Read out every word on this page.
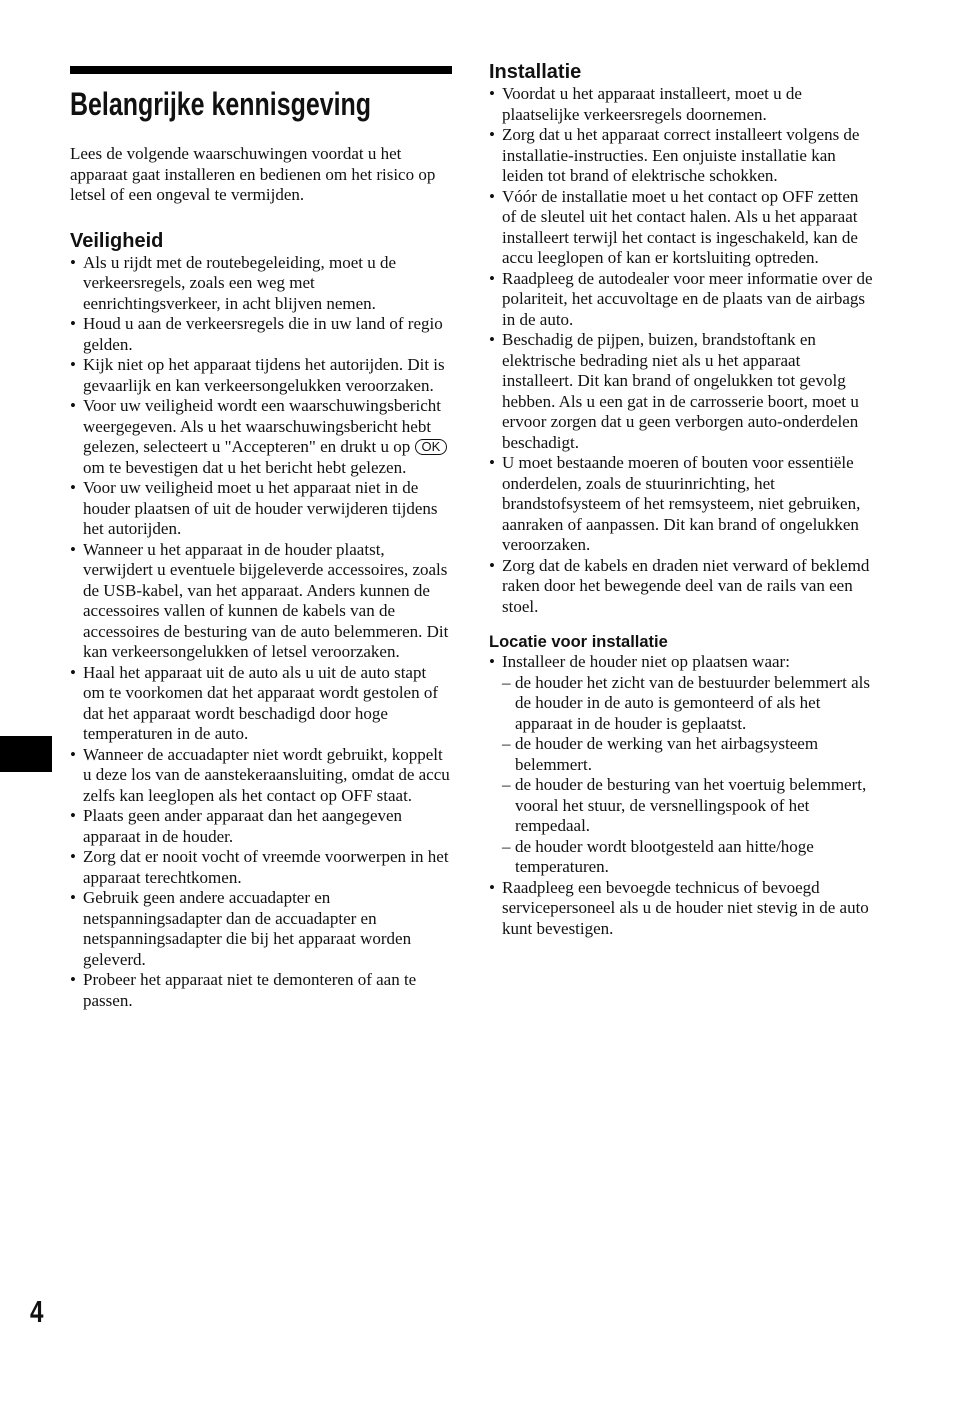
4
Belangrijke kennisgeving

Lees de volgende waarschuwingen voordat u het apparaat gaat installeren en bedienen om het risico op letsel of een ongeval te vermijden.

Veiligheid
• Als u rijdt met de routebegeleiding, moet u de verkeersregels, zoals een weg met eenrichtingsverkeer, in acht blijven nemen.
• Houd u aan de verkeersregels die in uw land of regio gelden.
• Kijk niet op het apparaat tijdens het autorijden. Dit is gevaarlijk en kan verkeersongelukken veroorzaken.
• Voor uw veiligheid wordt een waarschuwingsbericht weergegeven. Als u het waarschuwingsbericht hebt gelezen, selecteert u "Accepteren" en drukt u op OK om te bevestigen dat u het bericht hebt gelezen.
• Voor uw veiligheid moet u het apparaat niet in de houder plaatsen of uit de houder verwijderen tijdens het autorijden.
• Wanneer u het apparaat in de houder plaatst, verwijdert u eventuele bijgeleverde accessoires, zoals de USB-kabel, van het apparaat. Anders kunnen de accessoires vallen of kunnen de kabels van de accessoires de besturing van de auto belemmeren. Dit kan verkeersongelukken of letsel veroorzaken.
• Haal het apparaat uit de auto als u uit de auto stapt om te voorkomen dat het apparaat wordt gestolen of dat het apparaat wordt beschadigd door hoge temperaturen in de auto.
• Wanneer de accuadapter niet wordt gebruikt, koppelt u deze los van de aanstekeraansluiting, omdat de accu zelfs kan leeglopen als het contact op OFF staat.
• Plaats geen ander apparaat dan het aangegeven apparaat in de houder.
• Zorg dat er nooit vocht of vreemde voorwerpen in het apparaat terechtkomen.
• Gebruik geen andere accuadapter en netspanningsadapter dan de accuadapter en netspanningsadapter die bij het apparaat worden geleverd.
• Probeer het apparaat niet te demonteren of aan te passen.
Installatie
• Voordat u het apparaat installeert, moet u de plaatselijke verkeersregels doornemen.
• Zorg dat u het apparaat correct installeert volgens de installatie-instructies. Een onjuiste installatie kan leiden tot brand of elektrische schokken.
• Vóór de installatie moet u het contact op OFF zetten of de sleutel uit het contact halen. Als u het apparaat installeert terwijl het contact is ingeschakeld, kan de accu leeglopen of kan er kortsluiting optreden.
• Raadpleeg de autodealer voor meer informatie over de polariteit, het accuvoltage en de plaats van de airbags in de auto.
• Beschadig de pijpen, buizen, brandstoftank en elektrische bedrading niet als u het apparaat installeert. Dit kan brand of ongelukken tot gevolg hebben. Als u een gat in de carrosserie boort, moet u ervoor zorgen dat u geen verborgen auto-onderdelen beschadigt.
• U moet bestaande moeren of bouten voor essentiële onderdelen, zoals de stuurinrichting, het brandstofsysteem of het remsysteem, niet gebruiken, aanraken of aanpassen. Dit kan brand of ongelukken veroorzaken.
• Zorg dat de kabels en draden niet verward of beklemd raken door het bewegende deel van de rails van een stoel.
Locatie voor installatie
• Installeer de houder niet op plaatsen waar:
– de houder het zicht van de bestuurder belemmert als de houder in de auto is gemonteerd of als het apparaat in de houder is geplaatst.
– de houder de werking van het airbagsysteem belemmert.
– de houder de besturing van het voertuig belemmert, vooral het stuur, de versnellingspook of het rempedaal.
– de houder wordt blootgesteld aan hitte/hoge temperaturen.
• Raadpleeg een bevoegde technicus of bevoegd servicepersoneel als u de houder niet stevig in de auto kunt bevestigen.
